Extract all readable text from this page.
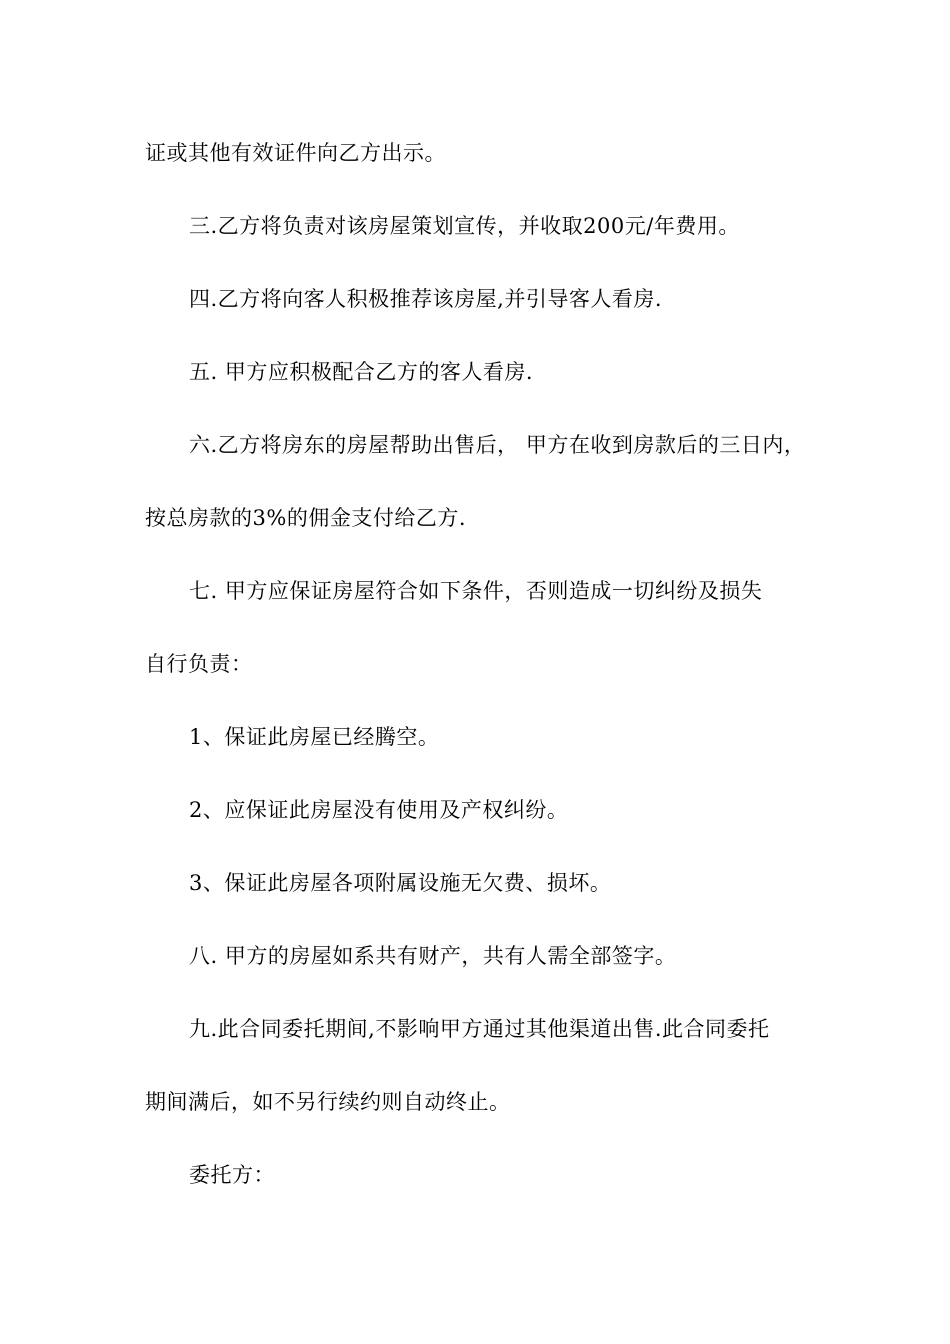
证或其他有效证件向乙方出示。
三.乙方将负责对该房屋策划宣传，并收取200元/年费用。
四.乙方将向客人积极推荐该房屋,并引导客人看房.
五. 甲方应积极配合乙方的客人看房.
六.乙方将房东的房屋帮助出售后， 甲方在收到房款后的三日内，
按总房款的3%的佣金支付给乙方.
七. 甲方应保证房屋符合如下条件，否则造成一切纠纷及损失
自行负责：
1、保证此房屋已经腾空。
2、应保证此房屋没有使用及产权纠纷。
3、保证此房屋各项附属设施无欠费、损坏。
八. 甲方的房屋如系共有财产，共有人需全部签字。
九.此合同委托期间,不影响甲方通过其他渠道出售.此合同委托
期间满后，如不另行续约则自动终止。
委托方：
